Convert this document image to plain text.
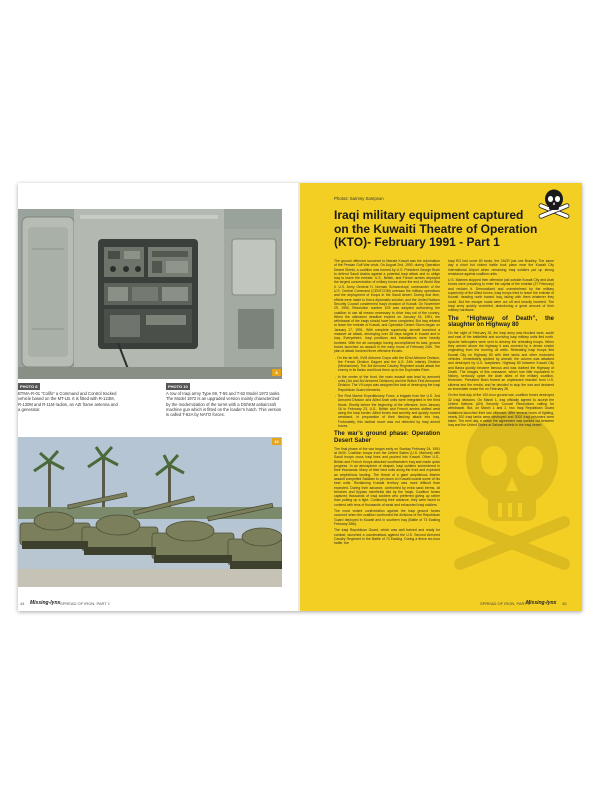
8
PHOTO 8
BTMA-R-01 “Colifo” a Command and Control tracked vehicle based on the MT-LB. It is fitted with R-123M, R-130M and R-11M radios, an AZI frame antenna and a generator.
PHOTO 10
A row of Iraqi army Type 69, T-55 and T-62 Model 1972 tanks. The Model 1972 is an upgraded version mainly characterized by the modernization of the turret with a DShKM antiaircraft machine gun which is fitted on the loader’s hatch. This version is called T-62A by NATO forces.
10
44 Missing-lynx SPREAD OF IRON, PART 1
Photos: Sammy Sampson
Iraqi military equipment captured on the Kuwaiti Theatre of Operation (KTO)- February 1991 - Part 1

The ground offensive launched to liberate Kuwait was the culmination of the Persian Gulf War crisis. On August 2nd, 1990, during Operation Desert Shield, a coalition was formed by U.S. President George Bush to defend Saudi Arabia against a potential Iraqi attack and to oblige Iraq to leave the emirate. U.S., British, and French armies deployed the largest concentration of military forces since the end of World War II. U.S. Army General H. Norman Schwarzkopf, commander of the U.S. Central Command (CENTCOM) oversaw the military operations and the deployment of troops in the Saudi desert. During that time, efforts were made to find a diplomatic solution, and the United Nations Security Council condemned Iraq’s invasion of Kuwait. On November 29, 1990, Resolution number 678 was adopted authorizing the coalition to use all means necessary to drive Iraq out of the country. When the ultimatum deadline expired on January 15, 1991, the withdrawal of the Iraqis should have been completed. But Iraq refused to leave the emirate of Kuwait, and Operation Desert Storm began on January 17, 1991. With complete superiority, aircraft launched a massive air attack, destroying over 38 days targets in Kuwait and in Iraq. Everywhere, Iraqi positions and installations were heavily bombed. With the air campaign having accomplished its task, ground forces launched an assault in the early hours of February 24th. The plan of attack involved three offensive thrusts:

- On the far left, XVIII Airborne Corps with the 82nd Airborne Division, the French Division Daguet and the U.S. 24th Infantry Division (Mechanized). The 3rd Armored Cavalry Regiment would attack the enemy in its flanks and block them up to the Euphrates River.

- In the center of the front, the main assault was lead by armored units (1st and 3rd Armored Divisions) and the British First Armoured Division. The VII corps was assigned the task of destroying the Iraqi Republican Guard elements.

- The First Marine Expeditionary Force, a brigade from the U.S. 2nd Armored Division and Allied Arab units were integrated in the third thrust. Shortly before the beginning of the offensive, from January 16 to February 23, U.S., British and French armies shifted west along the Iraqi border. Allied forces had secretly and quickly moved westward, in preparation of their flanking attack into Iraq. Fortunately, this tactical move was not detected by Iraqi armed forces.

The war’s ground phase: Operation Desert Saber

The final phase of the war began early on Sunday February 24, 1991 at 4h00. Coalition troops from the United States (U.S. Marines) with Saudi troops cross Iraqi lines and pushed into Kuwait. Other U.S., British and French troops attacked southwestern Iraq and made quick progress. In an atmosphere of despair, Iraqi soldiers surrendered in their thousands. Many of their best units along the front and expected an amphibious landing. The threat of a giant amphibious Marine assault compelled Saddam to pin down on Kuwaiti coasts some of his best units. Reclaiming Kuwaiti territory was more difficult than expected. During their advance, confronted by extra sand berms, oil trenches and bypass minefields laid by the Iraqis. Coalition forces captured thousands of Iraqi soldiers who preferred giving up rather than putting up a fight. Continuing their advance, they were faced to contend with tens of thousands of weak and exhausted Iraqi soldiers.

The most violent confrontation against the Iraqi ground forces occurred when the coalition confronted the divisions of the Republican Guard deployed in Kuwait and in southern Iraq (Battle of 73 Easting February 26th).

The Iraqi Republican Guard, which was well trained and ready for combat, launched a counterattack against the U.S. Second Armored Cavalry Regiment in the Battle of 73 Easting. During a fierce six-hour battle, the

Iraqi RG lost some 80 tanks, the 2ACR just one Bradley. The same day a short but violent battle took place near the Kuwait City International Airport when remaining Iraqi soldiers put up strong resistance against coalition units.

U.S. Marines stopped their offensive just outside Kuwait City and Arab forces were preparing to enter the capital of the emirate (27 February) and reclaim it. Demoralized and overwhelmed by the military superiority of the Allied forces, Iraqi troops tried to leave the emirate of Kuwait, heading north toward Iraq, taking with them whatever they could. But the escape roads were cut off and heavily bombed. The Iraqi army quickly crumbled, abandoning a great amount of their military hardware.

The “Highway of Death”, the slaughter on Highway 80

On the night of February 26, the Iraqi army was blocked west, south and east of the battlefield and surviving Iraqi military units fled north. Apache helicopters were sent to destroy the retreating troops. When they arrived above the highway it was covered by a dense smoke originating from the burning oil wells. Retreating Iraqi troops fled Kuwait City on Highway 80 with their tanks and other motorized vehicles. Immediately spotted by aircraft, the column was attacked and destroyed by U.S. warplanes. Highway 80 between Kuwait City and Basra quickly became famous and was dubbed the Highway of Death. The images of this massacre, which has little equivalent in history, seriously upset the Arab allies of the military coalition. Moreover, President Bush feared an unpleasant reaction from U.S. citizens and the media, and he decided to stop the war and declared an immediate cease fire on February 28.

On the final day of the 100-hour ground war, coalition forces destroyed 32 Iraqi divisions. On March 1, Iraq officially agreed to accept the United Nations (UN) Security Council Resolutions calling for withdrawal. But, on March 1 and 2, two Iraqi Republican Guard battalions launched their last offensive. After several hours of fighting, nearly 200 Iraqi tanks were destroyed and 3000 Iraqi prisoners were taken. The next day, a cease fire agreement was worked out between Iraq and the United States at Safwan airfield in the Iraqi desert.

SPREAD OF IRON, PART 1
Missing-lynx 45
